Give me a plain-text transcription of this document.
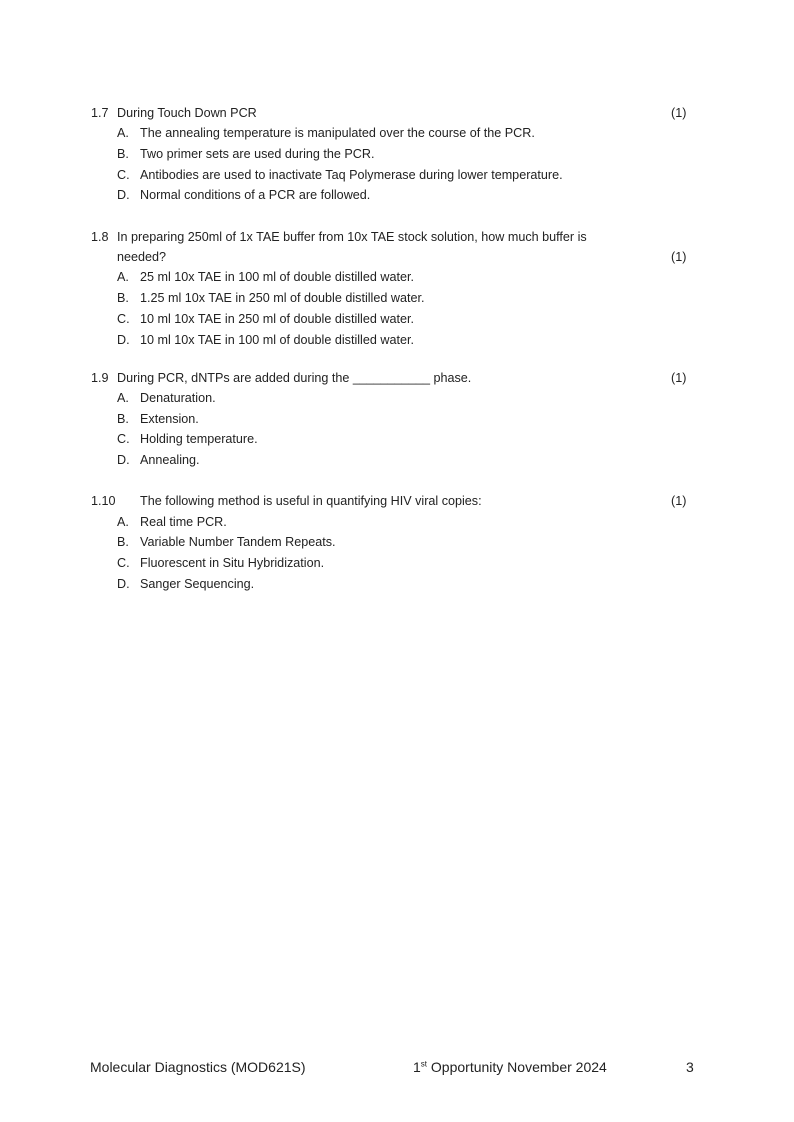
1.7 During Touch Down PCR	(1)
A. The annealing temperature is manipulated over the course of the PCR.
B. Two primer sets are used during the PCR.
C. Antibodies are used to inactivate Taq Polymerase during lower temperature.
D. Normal conditions of a PCR are followed.
1.8 In preparing 250ml of 1x TAE buffer from 10x TAE stock solution, how much buffer is
needed?	(1)
A. 25 ml 10x TAE in 100 ml of double distilled water.
B. 1.25 ml 10x TAE in 250 ml of double distilled water.
C. 10 ml 10x TAE in 250 ml of double distilled water.
D. 10 ml 10x TAE in 100 ml of double distilled water.
1.9 During PCR, dNTPs are added during the ___________ phase.	(1)
A. Denaturation.
B. Extension.
C. Holding temperature.
D. Annealing.
1.10 The following method is useful in quantifying HIV viral copies:	(1)
A. Real time PCR.
B. Variable Number Tandem Repeats.
C. Fluorescent in Situ Hybridization.
D. Sanger Sequencing.
Molecular Diagnostics (MOD621S)	1st Opportunity November 2024	3
